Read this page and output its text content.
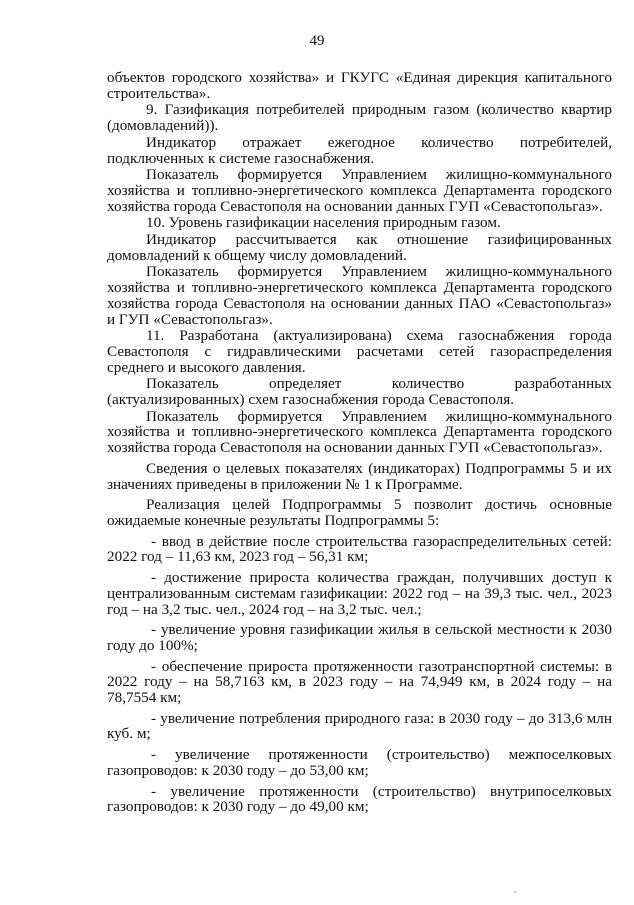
49

объектов городского хозяйства» и ГКУГС «Единая дирекция капитального строительства».

9. Газификация потребителей природным газом (количество квартир (домовладений)).

Индикатор отражает ежегодное количество потребителей, подключенных к системе газоснабжения.

Показатель формируется Управлением жилищно-коммунального хозяйства и топливно-энергетического комплекса Департамента городского хозяйства города Севастополя на основании данных ГУП «Севастопольгаз».

10. Уровень газификации населения природным газом.

Индикатор рассчитывается как отношение газифицированных домовладений к общему числу домовладений.

Показатель формируется Управлением жилищно-коммунального хозяйства и топливно-энергетического комплекса Департамента городского хозяйства города Севастополя на основании данных ПАО «Севастопольгаз» и ГУП «Севастопольгаз».

11. Разработана (актуализирована) схема газоснабжения города Севастополя с гидравлическими расчетами сетей газораспределения среднего и высокого давления.

Показатель определяет количество разработанных (актуализированных) схем газоснабжения города Севастополя.

Показатель формируется Управлением жилищно-коммунального хозяйства и топливно-энергетического комплекса Департамента городского хозяйства города Севастополя на основании данных ГУП «Севастопольгаз».

Сведения о целевых показателях (индикаторах) Подпрограммы 5 и их значениях приведены в приложении № 1 к Программе.

Реализация целей Подпрограммы 5 позволит достичь основные ожидаемые конечные результаты Подпрограммы 5:

- ввод в действие после строительства газораспределительных сетей: 2022 год – 11,63 км, 2023 год – 56,31 км;

- достижение прироста количества граждан, получивших доступ к централизованным системам газификации: 2022 год – на 39,3 тыс. чел., 2023 год – на 3,2 тыс. чел., 2024 год – на 3,2 тыс. чел.;

- увеличение уровня газификации жилья в сельской местности к 2030 году до 100%;

- обеспечение прироста протяженности газотранспортной системы: в 2022 году – на 58,7163 км, в 2023 году – на 74,949 км, в 2024 году – на 78,7554 км;

- увеличение потребления природного газа: в 2030 году – до 313,6 млн куб. м;

- увеличение протяженности (строительство) межпоселковых газопроводов: к 2030 году – до 53,00 км;

- увеличение протяженности (строительство) внутрипоселковых газопроводов: к 2030 году – до 49,00 км;
